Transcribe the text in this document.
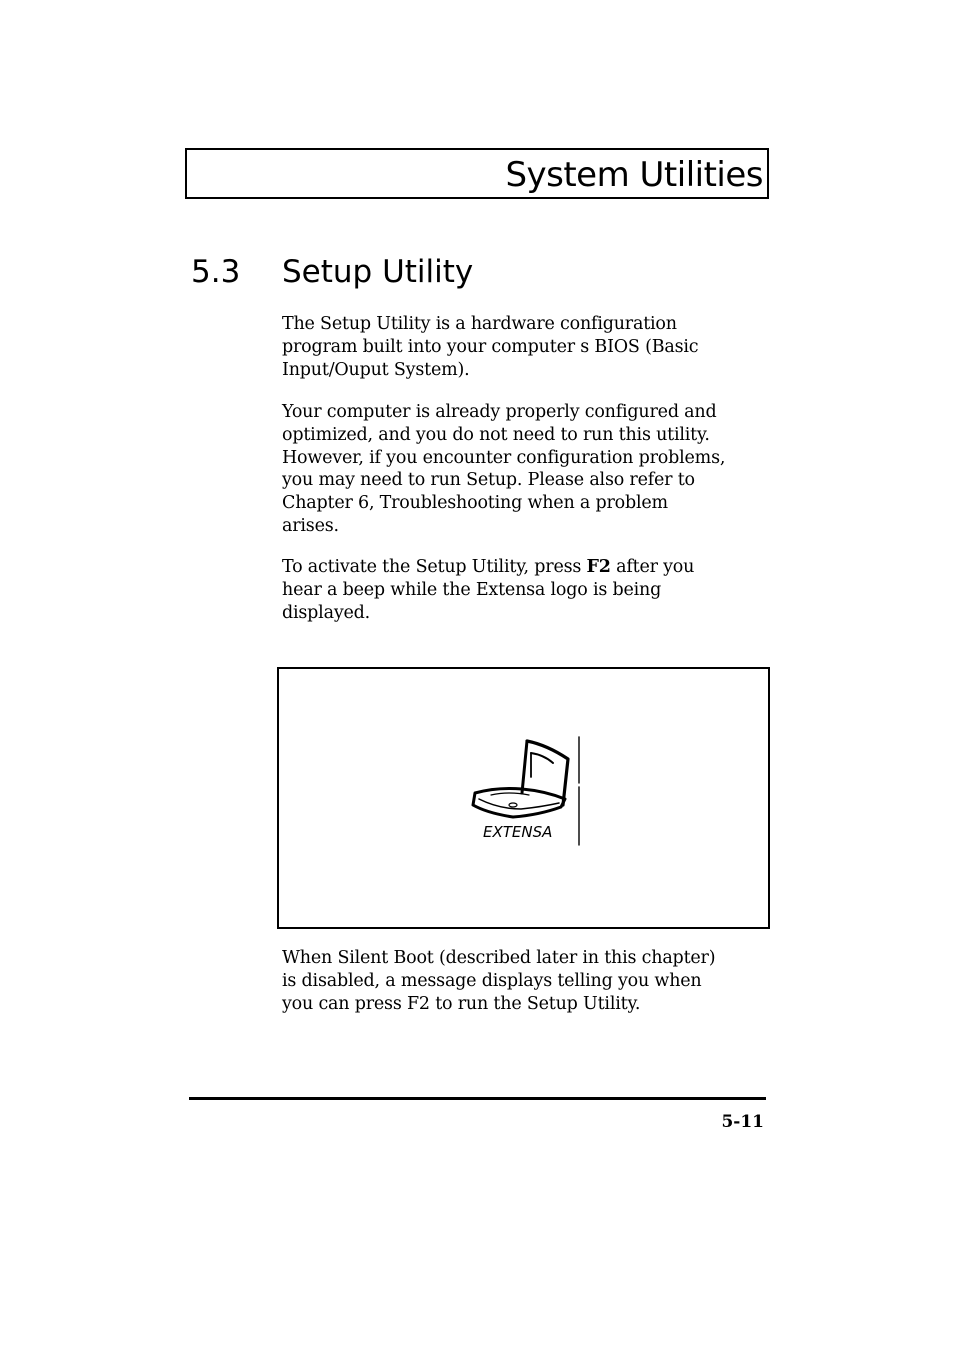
System Utilities
5.3 Setup Utility
The Setup Utility is a hardware configuration
program built into your computer s BIOS (Basic
Input/Ouput System).
Your computer is already properly configured and
optimized, and you do not need to run this utility.
However, if you encounter configuration problems,
you may need to run Setup. Please also refer to
Chapter 6, Troubleshooting when a problem
arises.
To activate the Setup Utility, press F2 after you
hear a beep while the Extensa logo is being
displayed.
EXTENSA
When Silent Boot (described later in this chapter)
is disabled, a message displays telling you when
you can press F2 to run the Setup Utility.
5-11
